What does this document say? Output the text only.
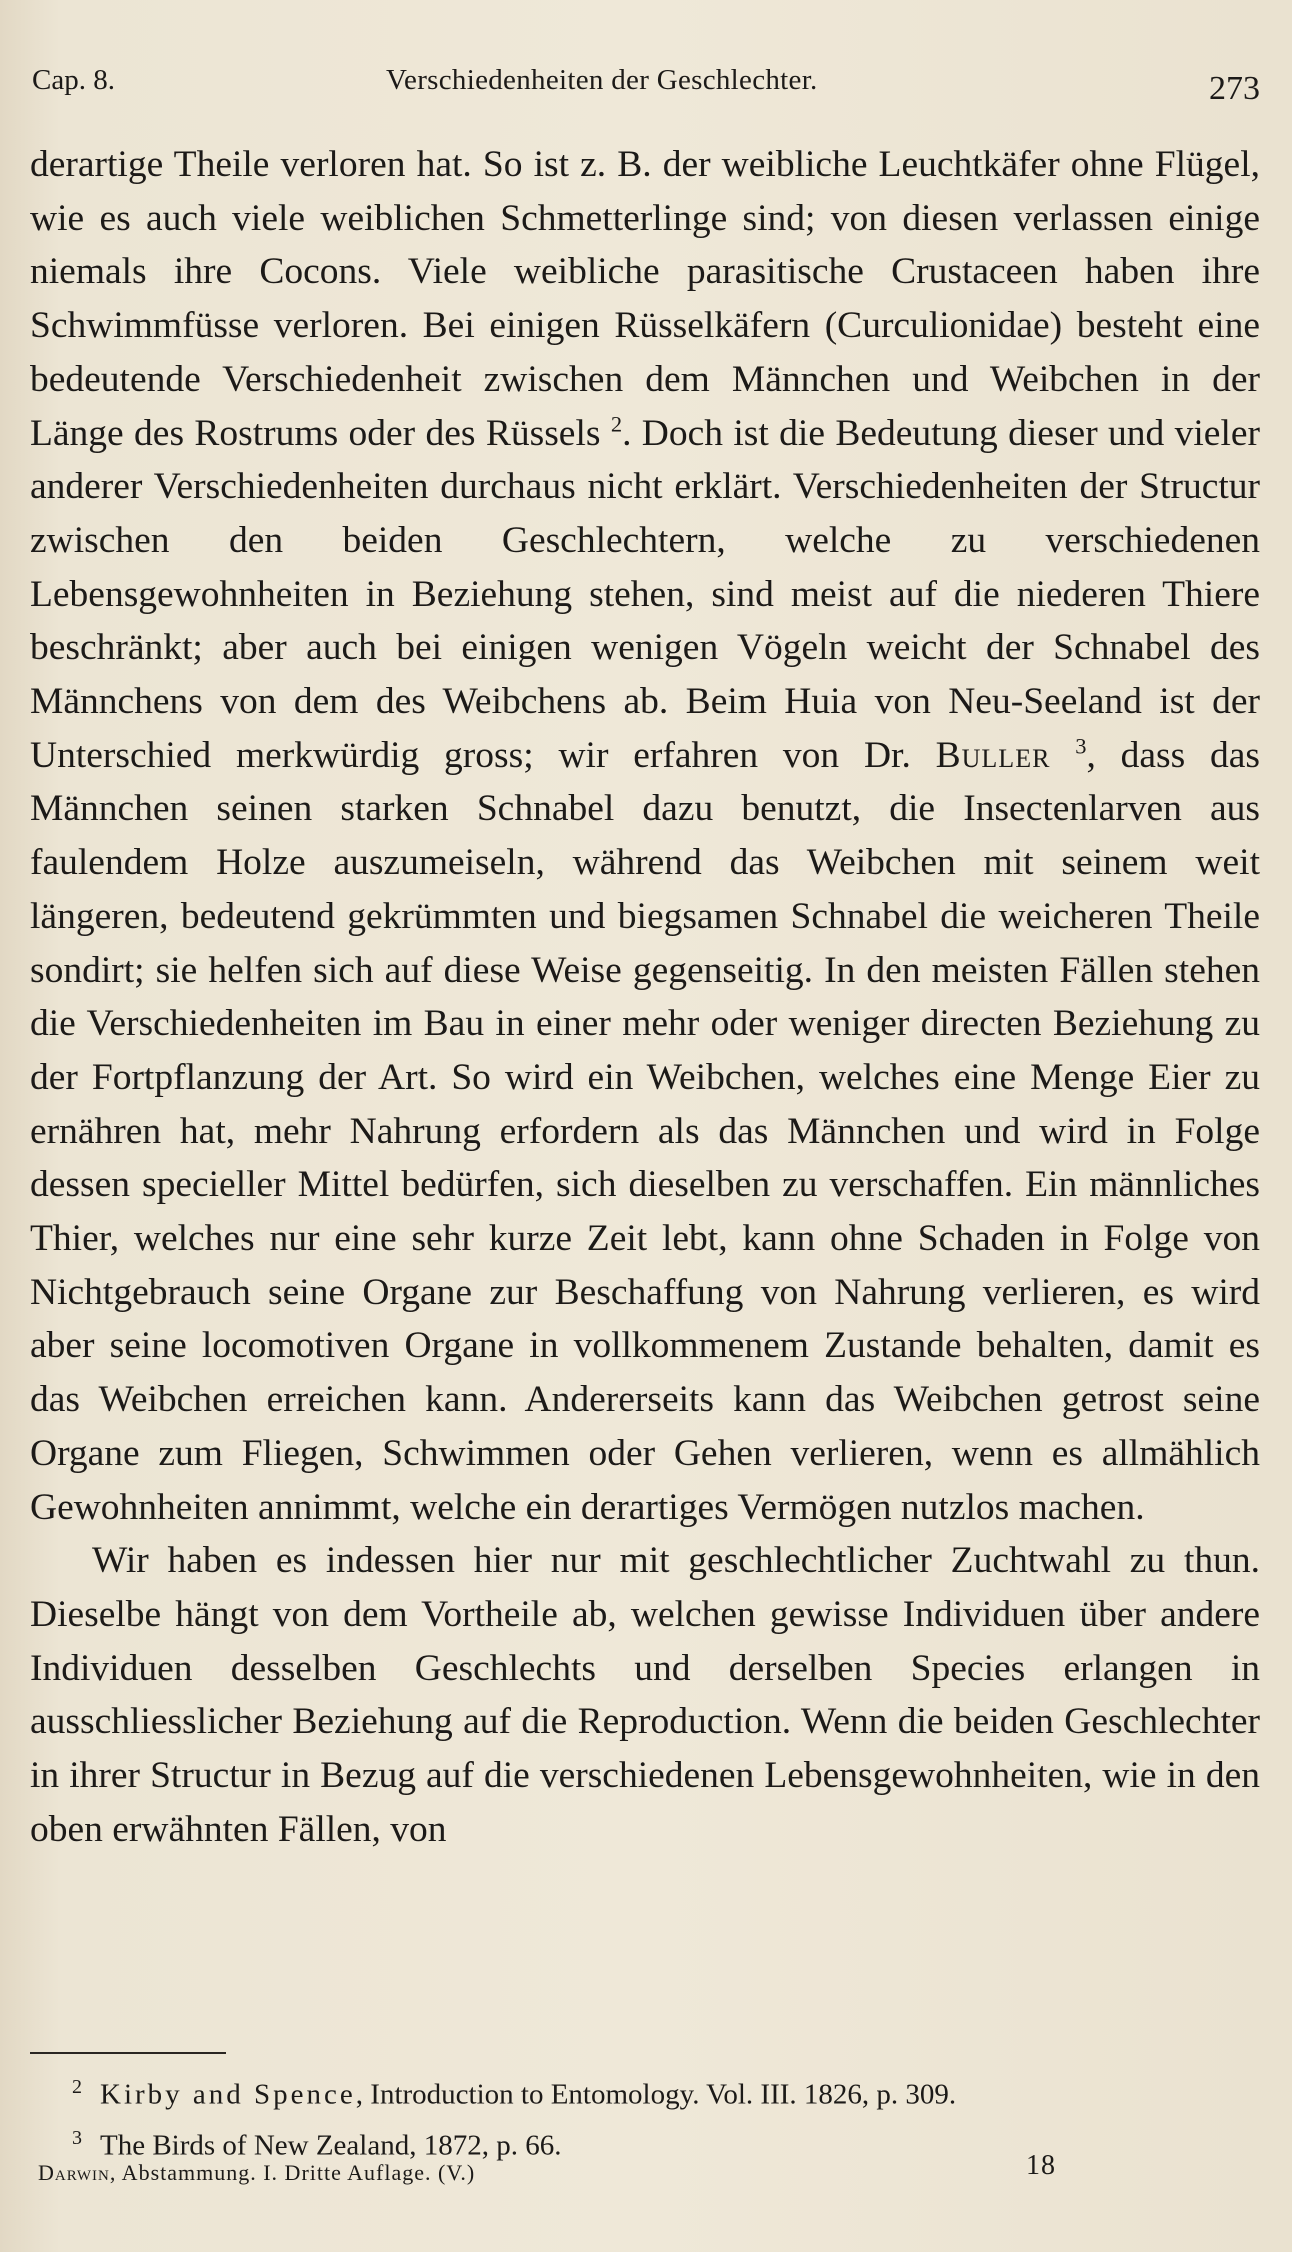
Cap. 8.	Verschiedenheiten der Geschlechter.	273

derartige Theile verloren hat. So ist z. B. der weibliche Leuchtkäfer ohne Flügel, wie es auch viele weiblichen Schmetterlinge sind; von diesen verlassen einige niemals ihre Cocons. Viele weibliche parasitische Crustaceen haben ihre Schwimmfüsse verloren. Bei einigen Rüsselkäfern (Curculionidae) besteht eine bedeutende Verschiedenheit zwischen dem Männchen und Weibchen in der Länge des Rostrums oder des Rüssels $^2$. Doch ist die Bedeutung dieser und vieler anderer Verschiedenheiten durchaus nicht erklärt. Verschiedenheiten der Structur zwischen den beiden Geschlechtern, welche zu verschiedenen Lebensgewohnheiten in Beziehung stehen, sind meist auf die niederen Thiere beschränkt; aber auch bei einigen wenigen Vögeln weicht der Schnabel des Männchens von dem des Weibchens ab. Beim Huia von Neu-Seeland ist der Unterschied merkwürdig gross; wir erfahren von Dr. Buller $^3$, dass das Männchen seinen starken Schnabel dazu benutzt, die Insectenlarven aus faulendem Holze auszumeiseln, während das Weibchen mit seinem weit längeren, bedeutend gekrümmten und biegsamen Schnabel die weicheren Theile sondirt; sie helfen sich auf diese Weise gegenseitig. In den meisten Fällen stehen die Verschiedenheiten im Bau in einer mehr oder weniger directen Beziehung zu der Fortpflanzung der Art. So wird ein Weibchen, welches eine Menge Eier zu ernähren hat, mehr Nahrung erfordern als das Männchen und wird in Folge dessen specieller Mittel bedürfen, sich dieselben zu verschaffen. Ein männliches Thier, welches nur eine sehr kurze Zeit lebt, kann ohne Schaden in Folge von Nichtgebrauch seine Organe zur Beschaffung von Nahrung verlieren, es wird aber seine locomotiven Organe in vollkommenem Zustande behalten, damit es das Weibchen erreichen kann. Andererseits kann das Weibchen getrost seine Organe zum Fliegen, Schwimmen oder Gehen verlieren, wenn es allmählich Gewohnheiten annimmt, welche ein derartiges Vermögen nutzlos machen.

Wir haben es indessen hier nur mit geschlechtlicher Zuchtwahl zu thun. Dieselbe hängt von dem Vortheile ab, welchen gewisse Individuen über andere Individuen desselben Geschlechts und derselben Species erlangen in ausschliesslicher Beziehung auf die Reproduction. Wenn die beiden Geschlechter in ihrer Structur in Bezug auf die verschiedenen Lebensgewohnheiten, wie in den oben erwähnten Fällen, von

2 Kirby and Spence, Introduction to Entomology. Vol. III. 1826, p. 309.
3 The Birds of New Zealand, 1872, p. 66.
Darwin, Abstammung. I. Dritte Auflage. (V.)	18
